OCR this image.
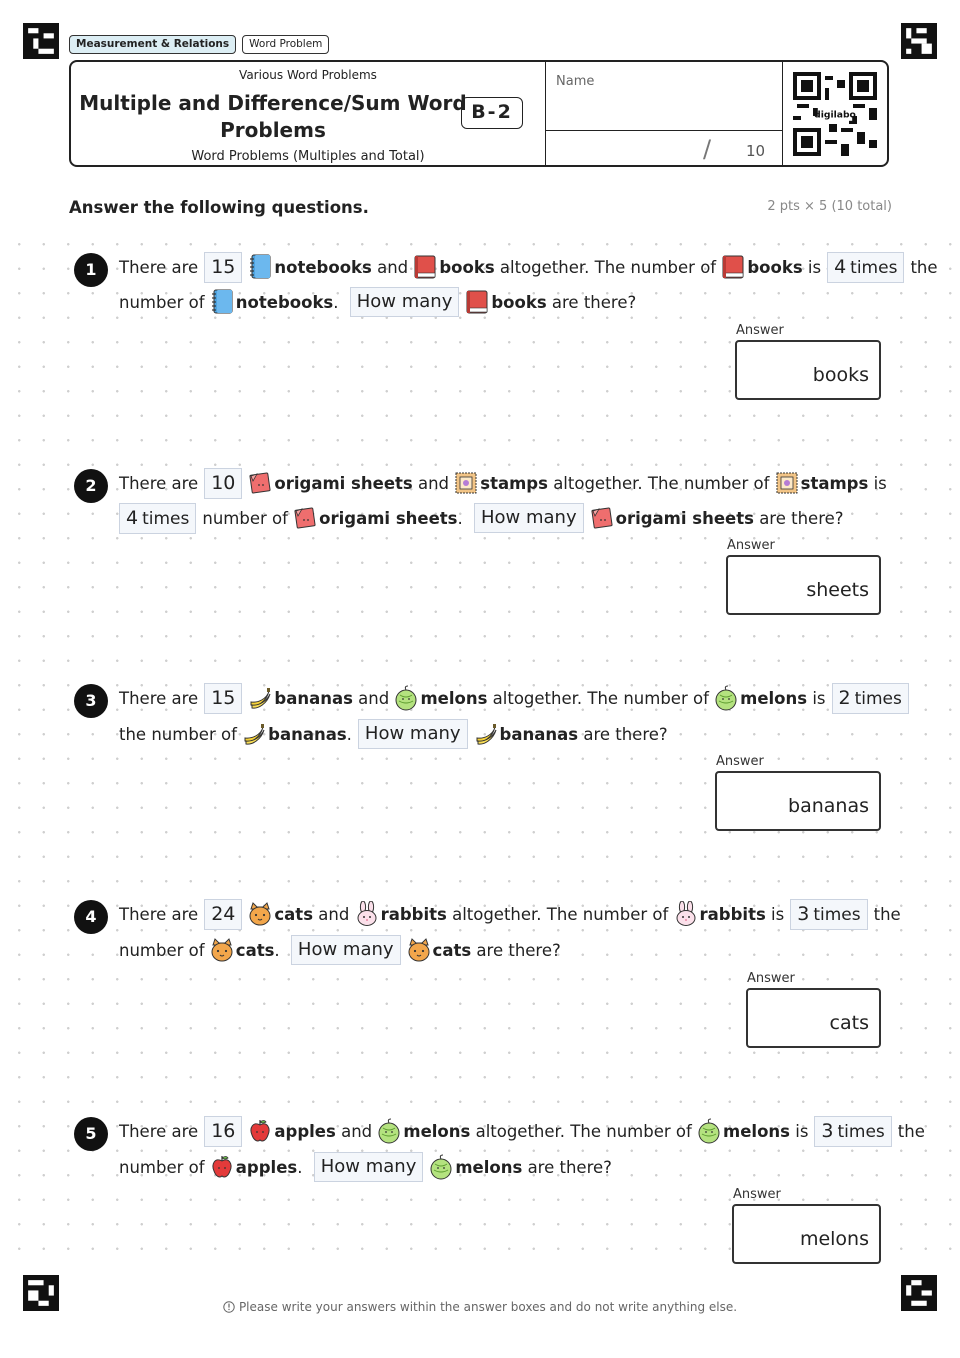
Measurement & Relations	Word Problem
Various Word Problems
Multiple and Difference/Sum Word Problems
B-2
Word Problems (Multiples and Total)
Name
/ 10
digilabo
Answer the following questions.	2 pts × 5 (10 total)
1	There are 15	notebooks
and
books
altogether. The number of
books
is 4 times the
number of
notebooks . How many	books
are there?
Answer
books
2	There are 10	origami sheets
and
stamps
altogether. The number of
stamps
is
4 times number of
origami sheets . How many	origami sheets
are there?
Answer
sheets
3	There are 15	bananas
and
melons
altogether. The number of
melons
is 2 times
the
number of
bananas . How many	bananas
are there?
Answer
bananas
4	There are 24	cats
and
rabbits
altogether. The number of
rabbits
is 3 times the
number of
cats . How many	cats
are there?
Answer
cats
5	There are 16	apples
and
melons
altogether. The number of
melons
is 3 times the
number of
apples . How many	melons
are there?
Answer
melons
Please write your answers within the answer boxes and do not write anything else.
